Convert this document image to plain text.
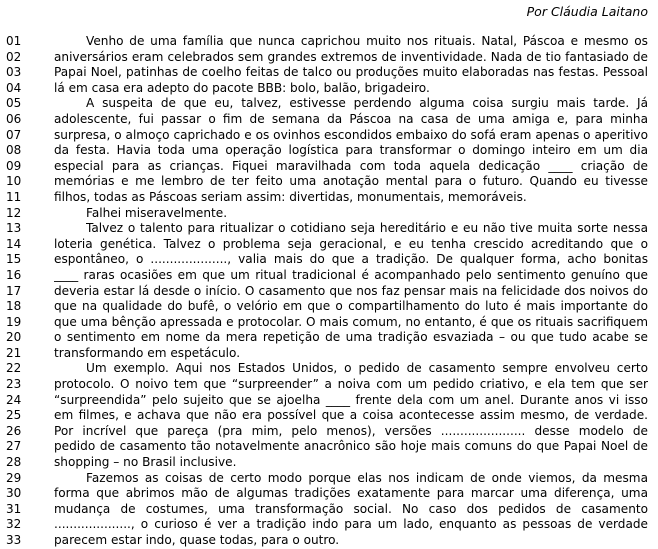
Por Cláudia Laitano
01	Venho de uma família que nunca caprichou muito nos rituais. Natal, Páscoa e mesmo os
02	aniversários eram celebrados sem grandes extremos de inventividade. Nada de tio fantasiado de
03	Papai Noel, patinhas de coelho feitas de talco ou produções muito elaboradas nas festas. Pessoal
04	lá em casa era adepto do pacote BBB: bolo, balão, brigadeiro.
05	A suspeita de que eu, talvez, estivesse perdendo alguma coisa surgiu mais tarde. Já
06	adolescente, fui passar o fim de semana da Páscoa na casa de uma amiga e, para minha
07	surpresa, o almoço caprichado e os ovinhos escondidos embaixo do sofá eram apenas o aperitivo
08	da festa. Havia toda uma operação logística para transformar o domingo inteiro em um dia
09	especial para as crianças. Fiquei maravilhada com toda aquela dedicação ____ criação de
10	memórias e me lembro de ter feito uma anotação mental para o futuro. Quando eu tivesse
11	filhos, todas as Páscoas seriam assim: divertidas, monumentais, memoráveis.
12	Falhei miseravelmente.
13	Talvez o talento para ritualizar o cotidiano seja hereditário e eu não tive muita sorte nessa
14	loteria genética. Talvez o problema seja geracional, e eu tenha crescido acreditando que o
15	espontâneo, o ...................., valia mais do que a tradição. De qualquer forma, acho bonitas
16	____ raras ocasiões em que um ritual tradicional é acompanhado pelo sentimento genuíno que
17	deveria estar lá desde o início. O casamento que nos faz pensar mais na felicidade dos noivos do
18	que na qualidade do bufê, o velório em que o compartilhamento do luto é mais importante do
19	que uma bênção apressada e protocolar. O mais comum, no entanto, é que os rituais sacrifiquem
20	o sentimento em nome da mera repetição de uma tradição esvaziada – ou que tudo acabe se
21	transformando em espetáculo.
22	Um exemplo. Aqui nos Estados Unidos, o pedido de casamento sempre envolveu certo
23	protocolo. O noivo tem que “surpreender” a noiva com um pedido criativo, e ela tem que ser
24	“surpreendida” pelo sujeito que se ajoelha ____ frente dela com um anel. Durante anos vi isso
25	em filmes, e achava que não era possível que a coisa acontecesse assim mesmo, de verdade.
26	Por incrível que pareça (pra mim, pelo menos), versões ...................... desse modelo de
27	pedido de casamento tão notavelmente anacrônico são hoje mais comuns do que Papai Noel de
28	shopping – no Brasil inclusive.
29	Fazemos as coisas de certo modo porque elas nos indicam de onde viemos, da mesma
30	forma que abrimos mão de algumas tradições exatamente para marcar uma diferença, uma
31	mudança de costumes, uma transformação social. No caso dos pedidos de casamento
32	...................., o curioso é ver a tradição indo para um lado, enquanto as pessoas de verdade
33	parecem estar indo, quase todas, para o outro.
